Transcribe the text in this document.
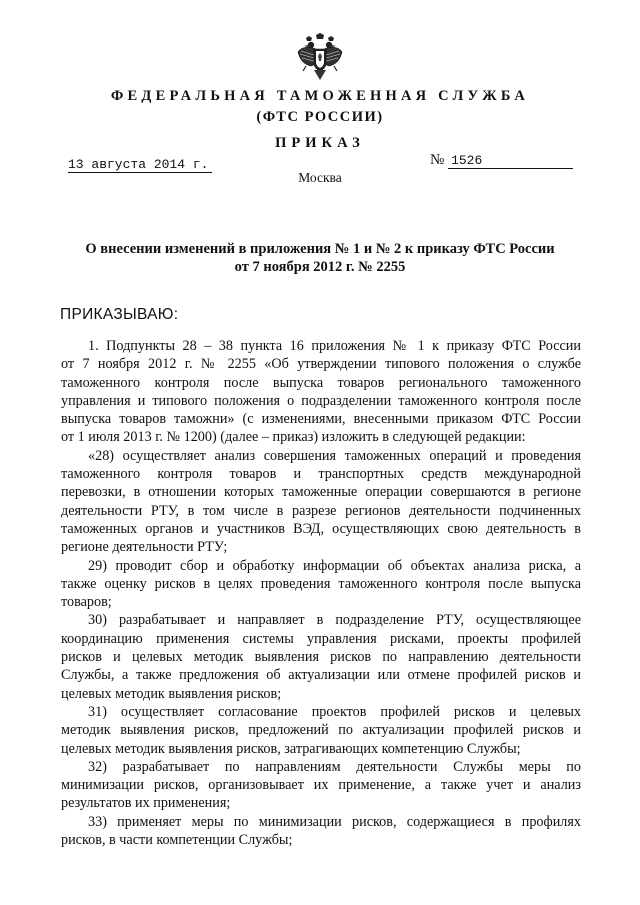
ФЕДЕРАЛЬНАЯ ТАМОЖЕННАЯ СЛУЖБА
(ФТС РОССИИ)
ПРИКАЗ
13 августа 2014 г.	№ 1526
Москва
О внесении изменений в приложения № 1 и № 2 к приказу ФТС России
от 7 ноября 2012 г. № 2255
ПРИКАЗЫВАЮ:
1. Подпункты 28 – 38 пункта 16 приложения № 1 к приказу ФТС России
от 7 ноября 2012 г. № 2255 «Об утверждении типового положения о службе
таможенного контроля после выпуска товаров регионального таможенного
управления и типового положения о подразделении таможенного контроля после
выпуска товаров таможни» (с изменениями, внесенными приказом ФТС России
от 1 июля 2013 г. № 1200) (далее – приказ) изложить в следующей редакции:
«28) осуществляет анализ совершения таможенных операций и проведения
таможенного контроля товаров и транспортных средств международной
перевозки, в отношении которых таможенные операции совершаются в регионе
деятельности РТУ, в том числе в разрезе регионов деятельности подчиненных
таможенных органов и участников ВЭД, осуществляющих свою деятельность в
регионе деятельности РТУ;
29) проводит сбор и обработку информации об объектах анализа риска, а
также оценку рисков в целях проведения таможенного контроля после выпуска
товаров;
30) разрабатывает и направляет в подразделение РТУ, осуществляющее
координацию применения системы управления рисками, проекты профилей
рисков и целевых методик выявления рисков по направлению деятельности
Службы, а также предложения об актуализации или отмене профилей рисков и
целевых методик выявления рисков;
31) осуществляет согласование проектов профилей рисков и целевых
методик выявления рисков, предложений по актуализации профилей рисков и
целевых методик выявления рисков, затрагивающих компетенцию Службы;
32) разрабатывает по направлениям деятельности Службы меры по
минимизации рисков, организовывает их применение, а также учет и анализ
результатов их применения;
33) применяет меры по минимизации рисков, содержащиеся в профилях
рисков, в части компетенции Службы;
